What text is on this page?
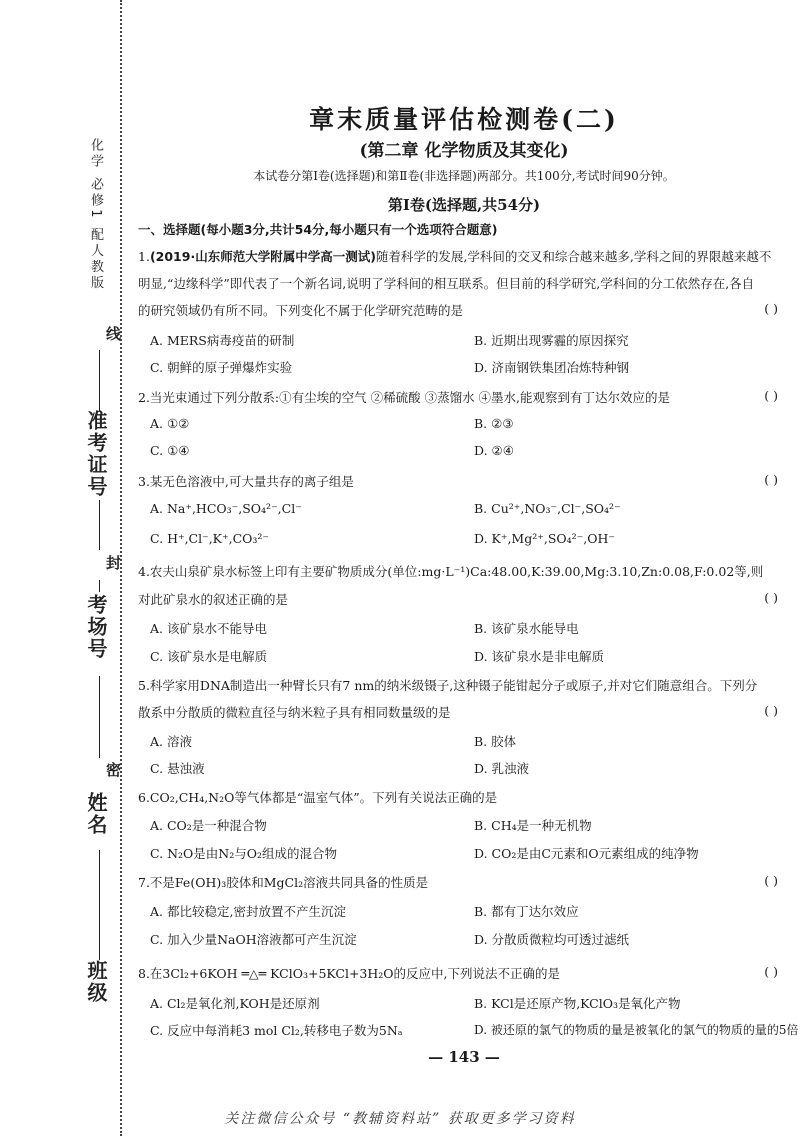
化学 必修1 配人教版
线
准考证号
封
考场号
密
姓名
班级
章末质量评估检测卷(二)
(第二章 化学物质及其变化)
本试卷分第Ⅰ卷(选择题)和第Ⅱ卷(非选择题)两部分。共100分,考试时间90分钟。
第Ⅰ卷(选择题,共54分)
一、选择题(每小题3分,共计54分,每小题只有一个选项符合题意)
1.(2019·山东师范大学附属中学高一测试)随着科学的发展,学科间的交叉和综合越来越多,学科之间的界限越来越不
明显,“边缘科学”即代表了一个新名词,说明了学科间的相互联系。但目前的科学研究,学科间的分工依然存在,各自
的研究领域仍有所不同。下列变化不属于化学研究范畴的是	( )
A. MERS病毒疫苗的研制	B. 近期出现雾霾的原因探究
C. 朝鲜的原子弹爆炸实验	D. 济南钢铁集团冶炼特种钢
2.当光束通过下列分散系:①有尘埃的空气 ②稀硫酸 ③蒸馏水 ④墨水,能观察到有丁达尔效应的是	( )
A. ①②	B. ②③
C. ①④	D. ②④
3.某无色溶液中,可大量共存的离子组是	( )
A. Na⁺,HCO₃⁻,SO₄²⁻,Cl⁻	B. Cu²⁺,NO₃⁻,Cl⁻,SO₄²⁻
C. H⁺,Cl⁻,K⁺,CO₃²⁻	D. K⁺,Mg²⁺,SO₄²⁻,OH⁻
4.农夫山泉矿泉水标签上印有主要矿物质成分(单位:mg·L⁻¹)Ca:48.00,K:39.00,Mg:3.10,Zn:0.08,F:0.02等,则
对此矿泉水的叙述正确的是	( )
A. 该矿泉水不能导电	B. 该矿泉水能导电
C. 该矿泉水是电解质	D. 该矿泉水是非电解质
5.科学家用DNA制造出一种臂长只有7 nm的纳米级镊子,这种镊子能钳起分子或原子,并对它们随意组合。下列分
散系中分散质的微粒直径与纳米粒子具有相同数量级的是	( )
A. 溶液	B. 胶体
C. 悬浊液	D. 乳浊液
6.CO₂,CH₄,N₂O等气体都是“温室气体”。下列有关说法正确的是
A. CO₂是一种混合物	B. CH₄是一种无机物
C. N₂O是由N₂与O₂组成的混合物	D. CO₂是由C元素和O元素组成的纯净物
7.不是Fe(OH)₃胶体和MgCl₂溶液共同具备的性质是	( )
A. 都比较稳定,密封放置不产生沉淀	B. 都有丁达尔效应
C. 加入少量NaOH溶液都可产生沉淀	D. 分散质微粒均可透过滤纸
8.在3Cl₂+6KOH ═△═ KClO₃+5KCl+3H₂O的反应中,下列说法不正确的是	( )
A. Cl₂是氧化剂,KOH是还原剂	B. KCl是还原产物,KClO₃是氧化产物
C. 反应中每消耗3 mol Cl₂,转移电子数为5Nₐ	D. 被还原的氯气的物质的量是被氧化的氯气的物质的量的5倍
— 143 —
关注微信公众号 “教辅资料站” 获取更多学习资料
